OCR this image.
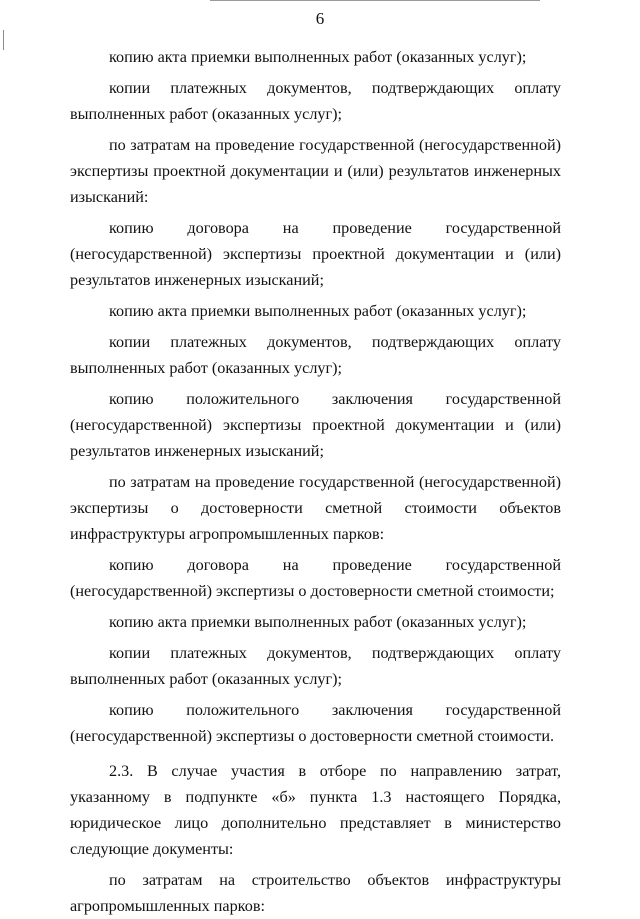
6

копию акта приемки выполненных работ (оказанных услуг);

копии платежных документов, подтверждающих оплату выполненных работ (оказанных услуг);

по затратам на проведение государственной (негосударственной) экспертизы проектной документации и (или) результатов инженерных изысканий:

копию договора на проведение государственной (негосударственной) экспертизы проектной документации и (или) результатов инженерных изысканий;

копию акта приемки выполненных работ (оказанных услуг);

копии платежных документов, подтверждающих оплату выполненных работ (оказанных услуг);

копию положительного заключения государственной (негосударственной) экспертизы проектной документации и (или) результатов инженерных изысканий;

по затратам на проведение государственной (негосударственной) экспертизы о достоверности сметной стоимости объектов инфраструктуры агропромышленных парков:

копию договора на проведение государственной (негосударственной) экспертизы о достоверности сметной стоимости;

копию акта приемки выполненных работ (оказанных услуг);

копии платежных документов, подтверждающих оплату выполненных работ (оказанных услуг);

копию положительного заключения государственной (негосударственной) экспертизы о достоверности сметной стоимости.

2.3. В случае участия в отборе по направлению затрат, указанному в подпункте «б» пункта 1.3 настоящего Порядка, юридическое лицо дополнительно представляет в министерство следующие документы:

по затратам на строительство объектов инфраструктуры агропромышленных парков:
